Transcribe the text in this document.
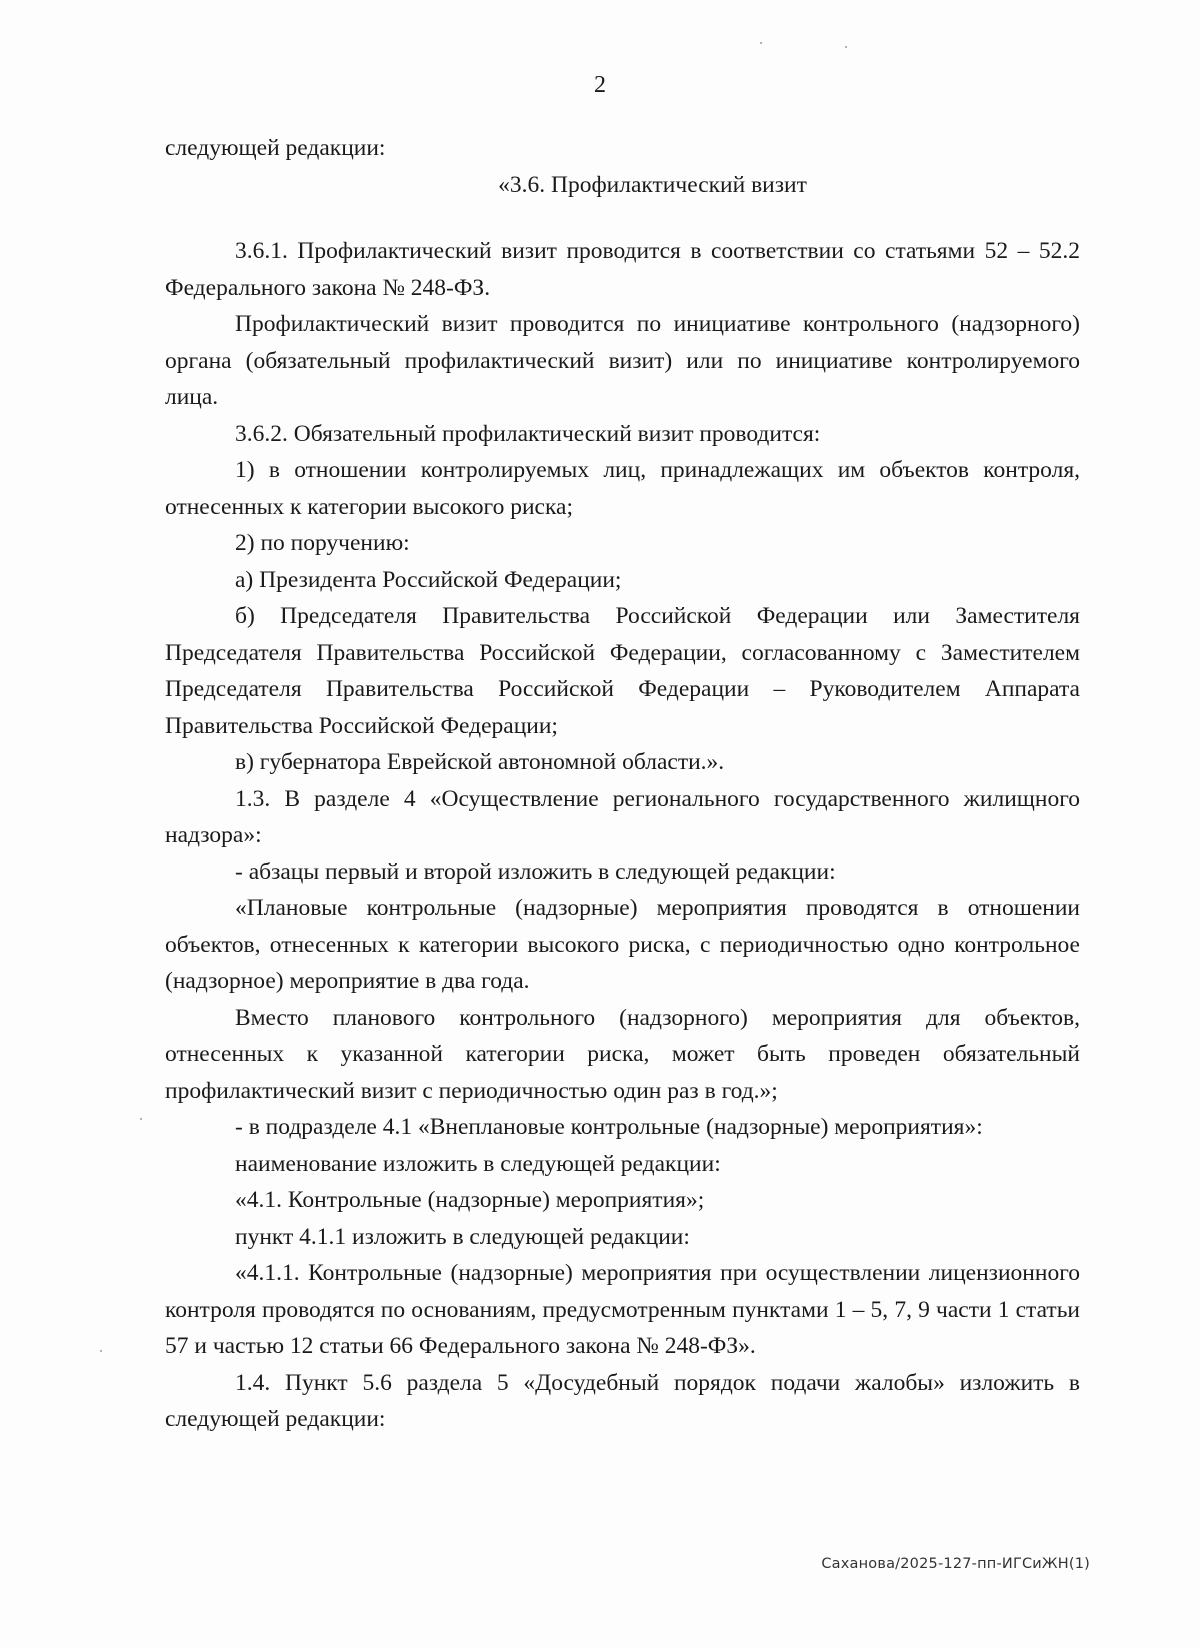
2

следующей редакции:

«3.6. Профилактический визит

3.6.1. Профилактический визит проводится в соответствии со статьями 52 – 52.2 Федерального закона № 248-ФЗ.

Профилактический визит проводится по инициативе контрольного (надзорного) органа (обязательный профилактический визит) или по инициативе контролируемого лица.

3.6.2. Обязательный профилактический визит проводится:

1) в отношении контролируемых лиц, принадлежащих им объектов контроля, отнесенных к категории высокого риска;

2) по поручению:

а) Президента Российской Федерации;

б) Председателя Правительства Российской Федерации или Заместителя Председателя Правительства Российской Федерации, согласованному с Заместителем Председателя Правительства Российской Федерации – Руководителем Аппарата Правительства Российской Федерации;

в) губернатора Еврейской автономной области.».

1.3. В разделе 4 «Осуществление регионального государственного жилищного надзора»:

- абзацы первый и второй изложить в следующей редакции:

«Плановые контрольные (надзорные) мероприятия проводятся в отношении объектов, отнесенных к категории высокого риска, с периодичностью одно контрольное (надзорное) мероприятие в два года.

Вместо планового контрольного (надзорного) мероприятия для объектов, отнесенных к указанной категории риска, может быть проведен обязательный профилактический визит с периодичностью один раз в год.»;

- в подразделе 4.1 «Внеплановые контрольные (надзорные) мероприятия»:

наименование изложить в следующей редакции:

«4.1. Контрольные (надзорные) мероприятия»;

пункт 4.1.1 изложить в следующей редакции:

«4.1.1. Контрольные (надзорные) мероприятия при осуществлении лицензионного контроля проводятся по основаниям, предусмотренным пунктами 1 – 5, 7, 9 части 1 статьи 57 и частью 12 статьи 66 Федерального закона № 248-ФЗ».

1.4. Пункт 5.6 раздела 5 «Досудебный порядок подачи жалобы» изложить в следующей редакции:

Саханова/2025-127-пп-ИГСиЖН(1)
